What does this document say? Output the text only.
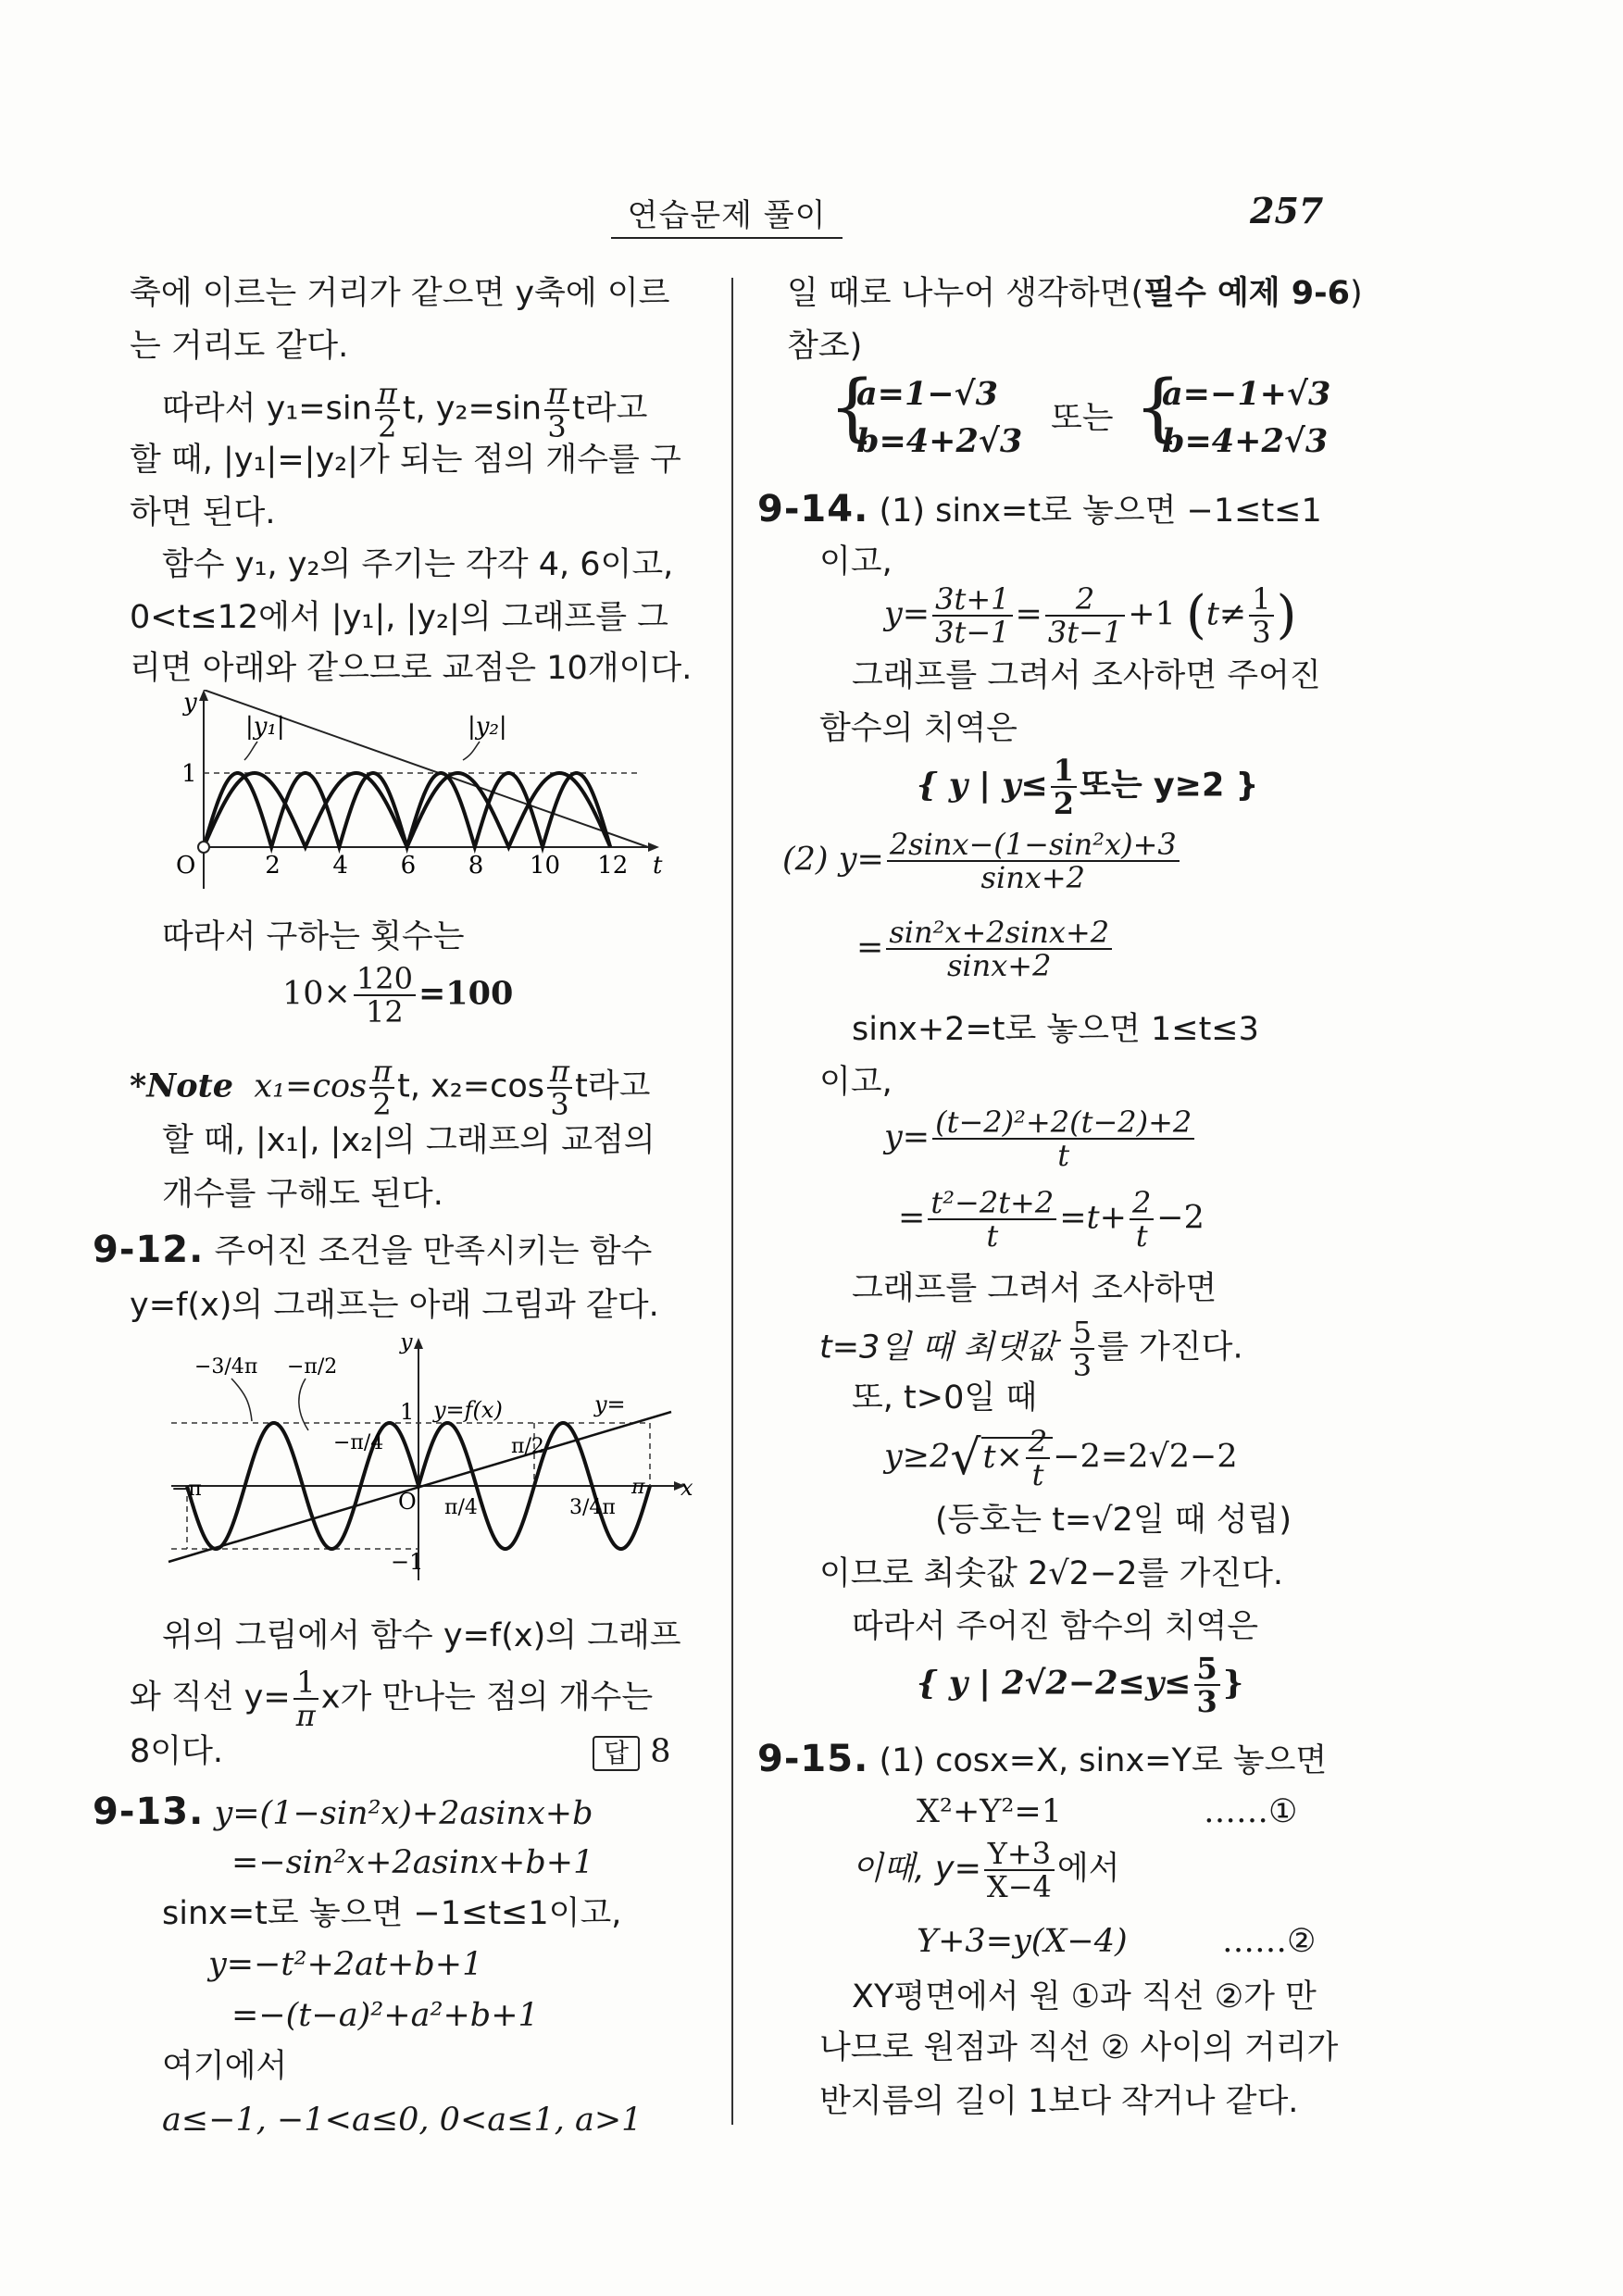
연습문제 풀이	257
축에 이르는 거리가 같으면 y축에 이르
는 거리도 같다.
따라서 $y_1=\sin \frac{\pi}{2} t$, $y_2=\sin \frac{\pi}{3}$ t라고
할 때, |y₁|=|y₂|가 되는 점의 개수를 구
하면 된다.
함수 y₁, y₂의 주기는 각각 4, 6이고,
0<t≤12에서 |y₁|, |y₂|의 그래프를 그
리면 아래와 같으므로 교점은 10개이다.
y
1
O	t
|y₁|	|y₂|
2 4 6 8 10 12
따라서 구하는 횟수는
$10\times \frac{120}{12} =100$
*Note $x_1=\cos \frac{\pi}{2} t$, $x_2=\cos \frac{\pi}{3}$ t라고
할 때, |x₁|, |x₂|의 그래프의 교점의
개수를 구해도 된다.
9-12. 주어진 조건을 만족시키는 함수
y=f(x)의 그래프는 아래 그림과 같다.
y
x
1
−1
O
y=f(x)	y=
−π	π
−3/4π −π/2
−π/4
π/4
π/2
3/4π
위의 그림에서 함수 y=f(x)의 그래프
와 직선 $y= \frac{1}{\pi}$ x가 만나는 점의 개수는
8이다.	답 8
9-13. y=(1−sin²x)+2asinx+b
=−sin²x+2asinx+b+1
sinx=t로 놓으면 −1≤t≤1이고,
y=−t²+2at+b+1
=−(t−a)²+a²+b+1
여기에서
a≤−1, −1<a≤0, 0<a≤1, a>1
일 때로 나누어 생각하면(필수 예제 9-6)
참조)
{
a=1−√3
b=4+2√3
또는 {
a=−1+√3
b=4+2√3
9-14. (1) sinx=t로 놓으면 −1≤t≤1
이고,
$y= \frac{3t+1}{3t-1} = \frac{2}{3t-1} +1$ ($t\ne \frac{1}{3}$ )
그래프를 그려서 조사하면 주어진
함수의 치역은
{ y | $y\le \frac{1}{2}$ 또는 y≥2 }
(2) $y= \frac{\text{2sinx−(1−sin²x)+3}}{\sin x+2}$
= $\frac{\text{sin²x+2sinx+2}}{\sin x+2}$
sinx+2=t로 놓으면 1≤t≤3
이고,
$y= \frac{\text{(t−2)²+2(t−2)+2}}{t}$
= $\frac{\text{t²−2t+2}}{t} =t+ \frac{2}{t} -2$
그래프를 그려서 조사하면
t=3일 때 최댓값 $\frac{5}{3}$ 를 가진다.
또, t>0일 때
$y\ge 2√t\times \frac{2}{t} -2=2√2-2$
(등호는 t=√2일 때 성립)
이므로 최솟값 2√2−2를 가진다.
따라서 주어진 함수의 치역은
{ y | $2√2-2\le y\le \frac{5}{3}$ }
9-15. (1) cosx=X, sinx=Y로 놓으면
X²+Y²=1	……①
이때, $y= \frac{Y+3}{X-4}$ 에서
Y+3=y(X−4)	……②
XY평면에서 원 ①과 직선 ②가 만
나므로 원점과 직선 ② 사이의 거리가
반지름의 길이 1보다 작거나 같다.
